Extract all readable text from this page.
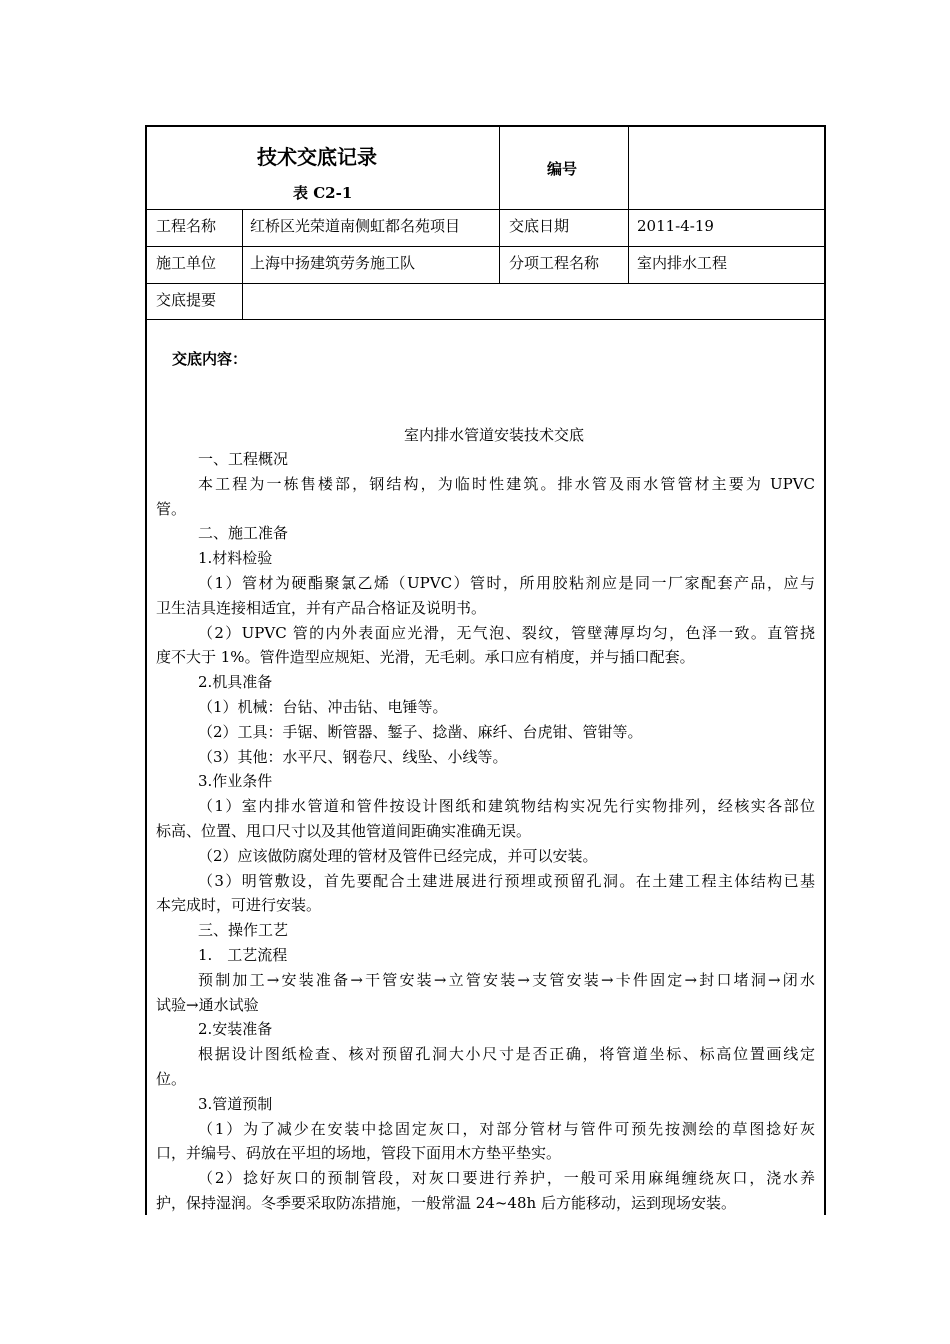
技术交底记录
表 C2-1
编号
工程名称 红桥区光荣道南侧虹都名苑项目	交底日期	2011-4-19
施工单位 上海中扬建筑劳务施工队	分项工程名称	室内排水工程
交底提要
交底内容：
室内排水管道安装技术交底
一、工程概况
本工程为一栋售楼部，钢结构，为临时性建筑。排水管及雨水管管材主要为 UPVC
管。
二、施工准备
1.材料检验
（1）管材为硬酯聚氯乙烯（UPVC）管时，所用胶粘剂应是同一厂家配套产品，应与
卫生洁具连接相适宜，并有产品合格证及说明书。
（2）UPVC 管的内外表面应光滑，无气泡、裂纹，管壁薄厚均匀，色泽一致。直管挠
度不大于 1%。管件造型应规矩、光滑，无毛刺。承口应有梢度，并与插口配套。
2.机具准备
（1）机械：台钻、冲击钻、电锤等。
（2）工具：手锯、断管器、錾子、捻凿、麻纤、台虎钳、管钳等。
（3）其他：水平尺、钢卷尺、线坠、小线等。
3.作业条件
（1）室内排水管道和管件按设计图纸和建筑物结构实况先行实物排列，经核实各部位
标高、位置、甩口尺寸以及其他管道间距确实准确无误。
（2）应该做防腐处理的管材及管件已经完成，并可以安装。
（3）明管敷设，首先要配合土建进展进行预埋或预留孔洞。在土建工程主体结构已基
本完成时，可进行安装。
三、操作工艺
1.　工艺流程
预制加工→安装准备→干管安装→立管安装→支管安装→卡件固定→封口堵洞→闭水
试验→通水试验
2.安装准备
根据设计图纸检查、核对预留孔洞大小尺寸是否正确，将管道坐标、标高位置画线定
位。
3.管道预制
（1）为了减少在安装中捻固定灰口，对部分管材与管件可预先按测绘的草图捻好灰
口，并编号、码放在平坦的场地，管段下面用木方垫平垫实。
（2）捻好灰口的预制管段，对灰口要进行养护，一般可采用麻绳缠绕灰口，浇水养
护，保持湿润。冬季要采取防冻措施，一般常温 24~48h 后方能移动，运到现场安装。
